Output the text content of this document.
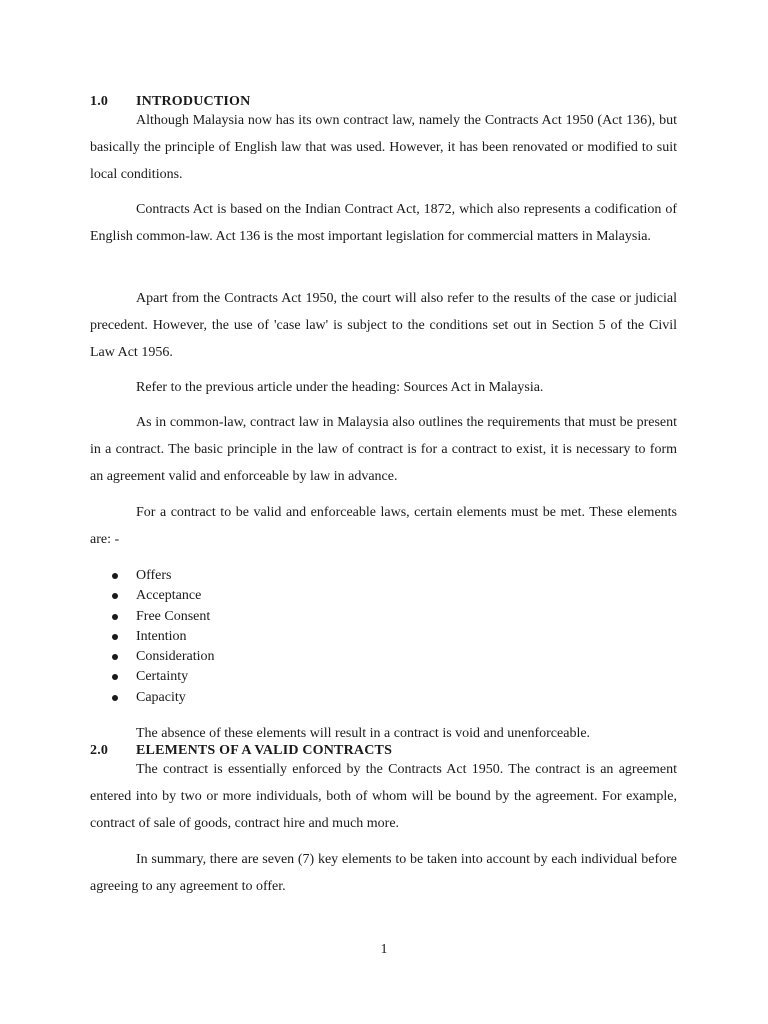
1.0 INTRODUCTION

Although Malaysia now has its own contract law, namely the Contracts Act 1950 (Act 136), but basically the principle of English law that was used. However, it has been renovated or modified to suit local conditions.

Contracts Act is based on the Indian Contract Act, 1872, which also represents a codification of English common-law. Act 136 is the most important legislation for commercial matters in Malaysia.

Apart from the Contracts Act 1950, the court will also refer to the results of the case or judicial precedent. However, the use of 'case law' is subject to the conditions set out in Section 5 of the Civil Law Act 1956.

Refer to the previous article under the heading: Sources Act in Malaysia.

As in common-law, contract law in Malaysia also outlines the requirements that must be present in a contract. The basic principle in the law of contract is for a contract to exist, it is necessary to form an agreement valid and enforceable by law in advance.

For a contract to be valid and enforceable laws, certain elements must be met. These elements are: -

Offers
Acceptance
Free Consent
Intention
Consideration
Certainty
Capacity
The absence of these elements will result in a contract is void and unenforceable.
2.0 ELEMENTS OF A VALID CONTRACTS

The contract is essentially enforced by the Contracts Act 1950. The contract is an agreement entered into by two or more individuals, both of whom will be bound by the agreement. For example, contract of sale of goods, contract hire and much more.

In summary, there are seven (7) key elements to be taken into account by each individual before agreeing to any agreement to offer.

1
